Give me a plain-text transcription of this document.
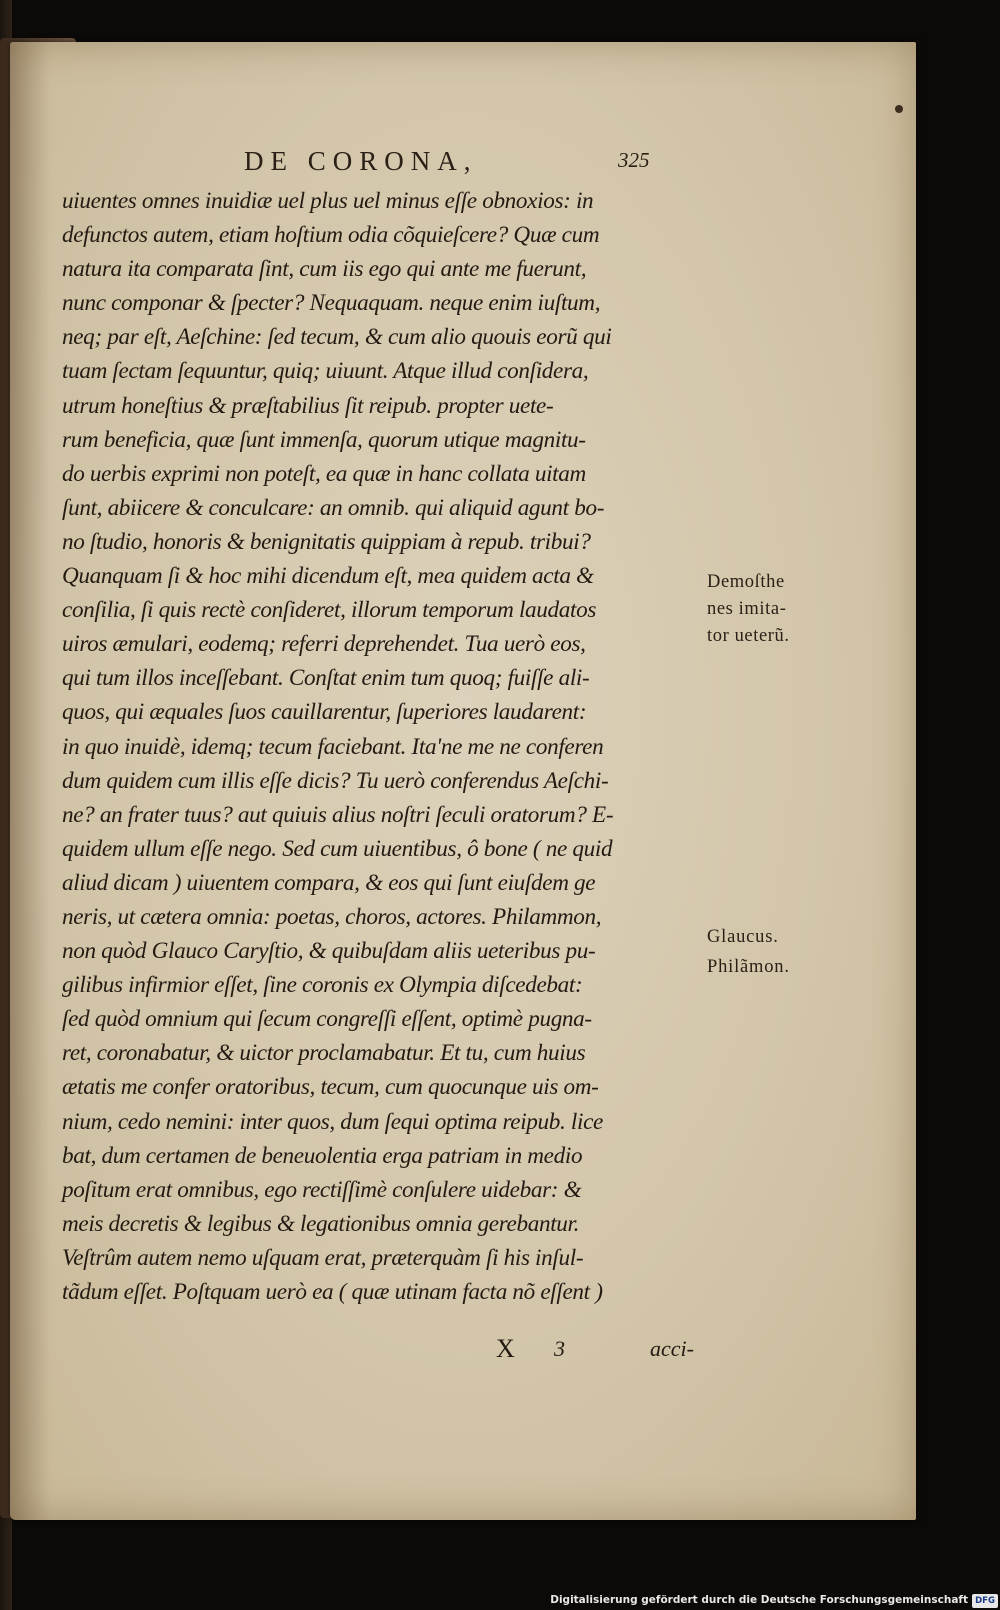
DE CORONA,	325
uiuentes omnes inuidiæ uel plus uel minus eſſe obnoxios: in
defunctos autem, etiam hoſtium odia cõquieſcere? Quæ cum
natura ita comparata ſint, cum iis ego qui ante me fuerunt,
nunc componar & ſpecter? Nequaquam. neque enim iuſtum,
neq; par eſt, Aeſchine: ſed tecum, & cum alio quouis eorũ qui
tuam ſectam ſequuntur, quiq; uiuunt. Atque illud conſidera,
utrum honeſtius & præſtabilius ſit reipub. propter uete-
rum beneficia, quæ ſunt immenſa, quorum utique magnitu-
do uerbis exprimi non poteſt, ea quæ in hanc collata uitam
ſunt, abiicere & conculcare: an omnib. qui aliquid agunt bo-
no ſtudio, honoris & benignitatis quippiam à repub. tribui?
Quanquam ſi & hoc mihi dicendum eſt, mea quidem acta &
conſilia, ſi quis rectè conſideret, illorum temporum laudatos
uiros æmulari, eodemq; referri deprehendet. Tua uerò eos,
qui tum illos inceſſebant. Conſtat enim tum quoq; fuiſſe ali-
quos, qui æquales ſuos cauillarentur, ſuperiores laudarent:
in quo inuidè, idemq; tecum faciebant. Ita'ne me ne conferen
dum quidem cum illis eſſe dicis? Tu uerò conferendus Aeſchi-
ne? an frater tuus? aut quiuis alius noſtri ſeculi oratorum? E-
quidem ullum eſſe nego. Sed cum uiuentibus, ô bone ( ne quid
aliud dicam ) uiuentem compara, & eos qui ſunt eiuſdem ge
neris, ut cætera omnia: poetas, choros, actores. Philammon,
non quòd Glauco Caryſtio, & quibuſdam aliis ueteribus pu-
gilibus infirmior eſſet, ſine coronis ex Olympia diſcedebat:
ſed quòd omnium qui ſecum congreſſi eſſent, optimè pugna-
ret, coronabatur, & uictor proclamabatur. Et tu, cum huius
ætatis me confer oratoribus, tecum, cum quocunque uis om-
nium, cedo nemini: inter quos, dum ſequi optima reipub. lice
bat, dum certamen de beneuolentia erga patriam in medio
poſitum erat omnibus, ego rectiſſimè conſulere uidebar: &
meis decretis & legibus & legationibus omnia gerebantur.
Veſtrûm autem nemo uſquam erat, præterquàm ſi his inſul-
tãdum eſſet. Poſtquam uerò ea ( quæ utinam facta nõ eſſent )
Demoſthe
nes imita-
tor ueterũ.
Glaucus.
Philãmon.
X 3	acci-
Digitalisierung gefördert durch die Deutsche Forschungsgemeinschaft DFG
